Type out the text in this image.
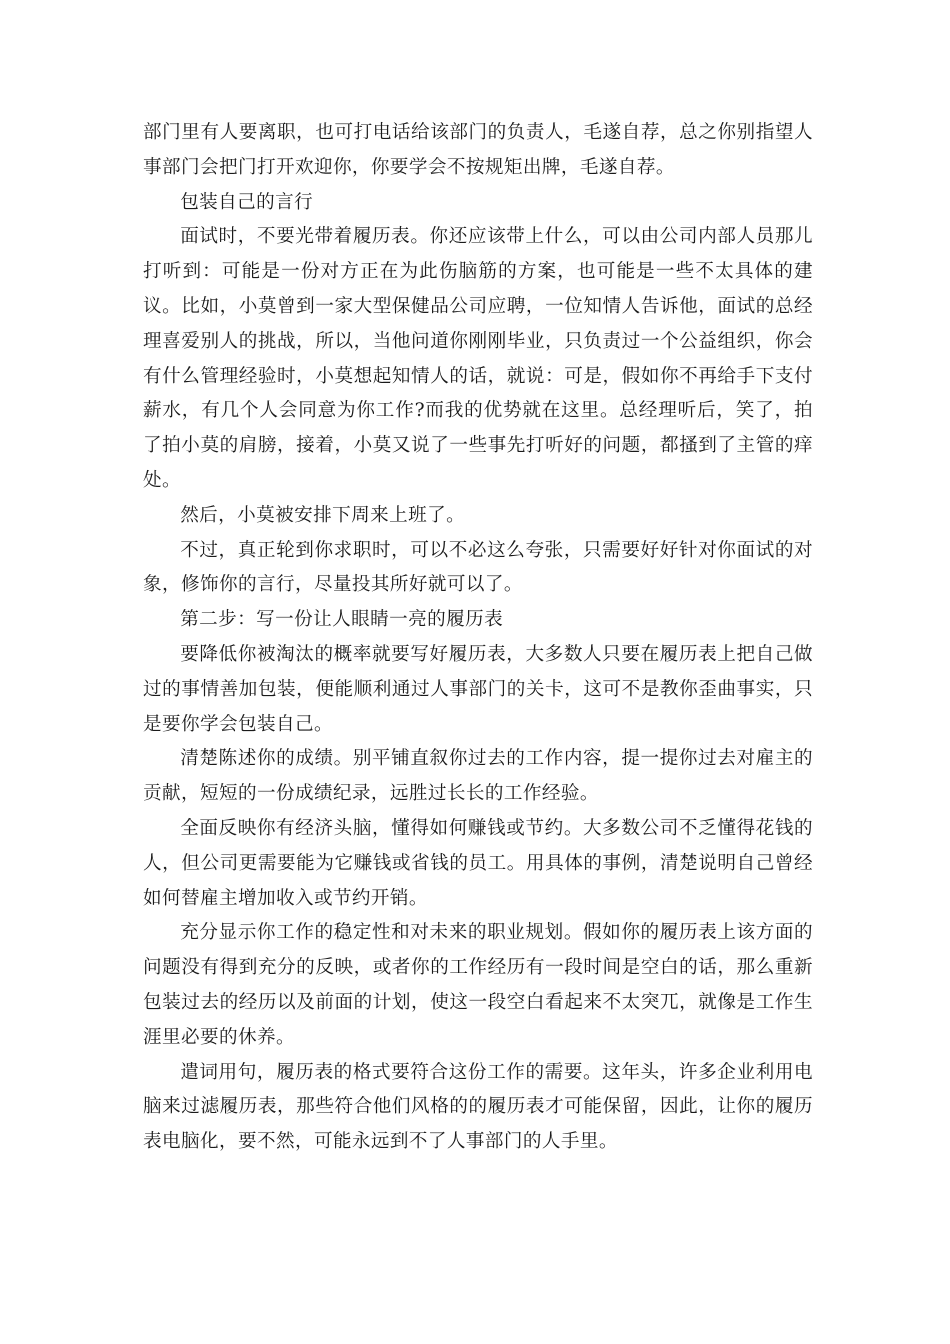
部门里有人要离职，也可打电话给该部门的负责人，毛遂自荐，总之你别指望人事部门会把门打开欢迎你，你要学会不按规矩出牌，毛遂自荐。

包装自己的言行

面试时，不要光带着履历表。你还应该带上什么，可以由公司内部人员那儿打听到：可能是一份对方正在为此伤脑筋的方案，也可能是一些不太具体的建议。比如，小莫曾到一家大型保健品公司应聘，一位知情人告诉他，面试的总经理喜爱别人的挑战，所以，当他问道你刚刚毕业，只负责过一个公益组织，你会有什么管理经验时，小莫想起知情人的话，就说：可是，假如你不再给手下支付薪水，有几个人会同意为你工作?而我的优势就在这里。总经理听后，笑了，拍了拍小莫的肩膀，接着，小莫又说了一些事先打听好的问题，都搔到了主管的痒处。

然后，小莫被安排下周来上班了。

不过，真正轮到你求职时，可以不必这么夸张，只需要好好针对你面试的对象，修饰你的言行，尽量投其所好就可以了。

第二步：写一份让人眼睛一亮的履历表

要降低你被淘汰的概率就要写好履历表，大多数人只要在履历表上把自己做过的事情善加包装，便能顺利通过人事部门的关卡，这可不是教你歪曲事实，只是要你学会包装自己。

清楚陈述你的成绩。别平铺直叙你过去的工作内容，提一提你过去对雇主的贡献，短短的一份成绩纪录，远胜过长长的工作经验。

全面反映你有经济头脑，懂得如何赚钱或节约。大多数公司不乏懂得花钱的人，但公司更需要能为它赚钱或省钱的员工。用具体的事例，清楚说明自己曾经如何替雇主增加收入或节约开销。

充分显示你工作的稳定性和对未来的职业规划。假如你的履历表上该方面的问题没有得到充分的反映，或者你的工作经历有一段时间是空白的话，那么重新包装过去的经历以及前面的计划，使这一段空白看起来不太突兀，就像是工作生涯里必要的休养。

遣词用句，履历表的格式要符合这份工作的需要。这年头，许多企业利用电脑来过滤履历表，那些符合他们风格的的履历表才可能保留，因此，让你的履历表电脑化，要不然，可能永远到不了人事部门的人手里。
